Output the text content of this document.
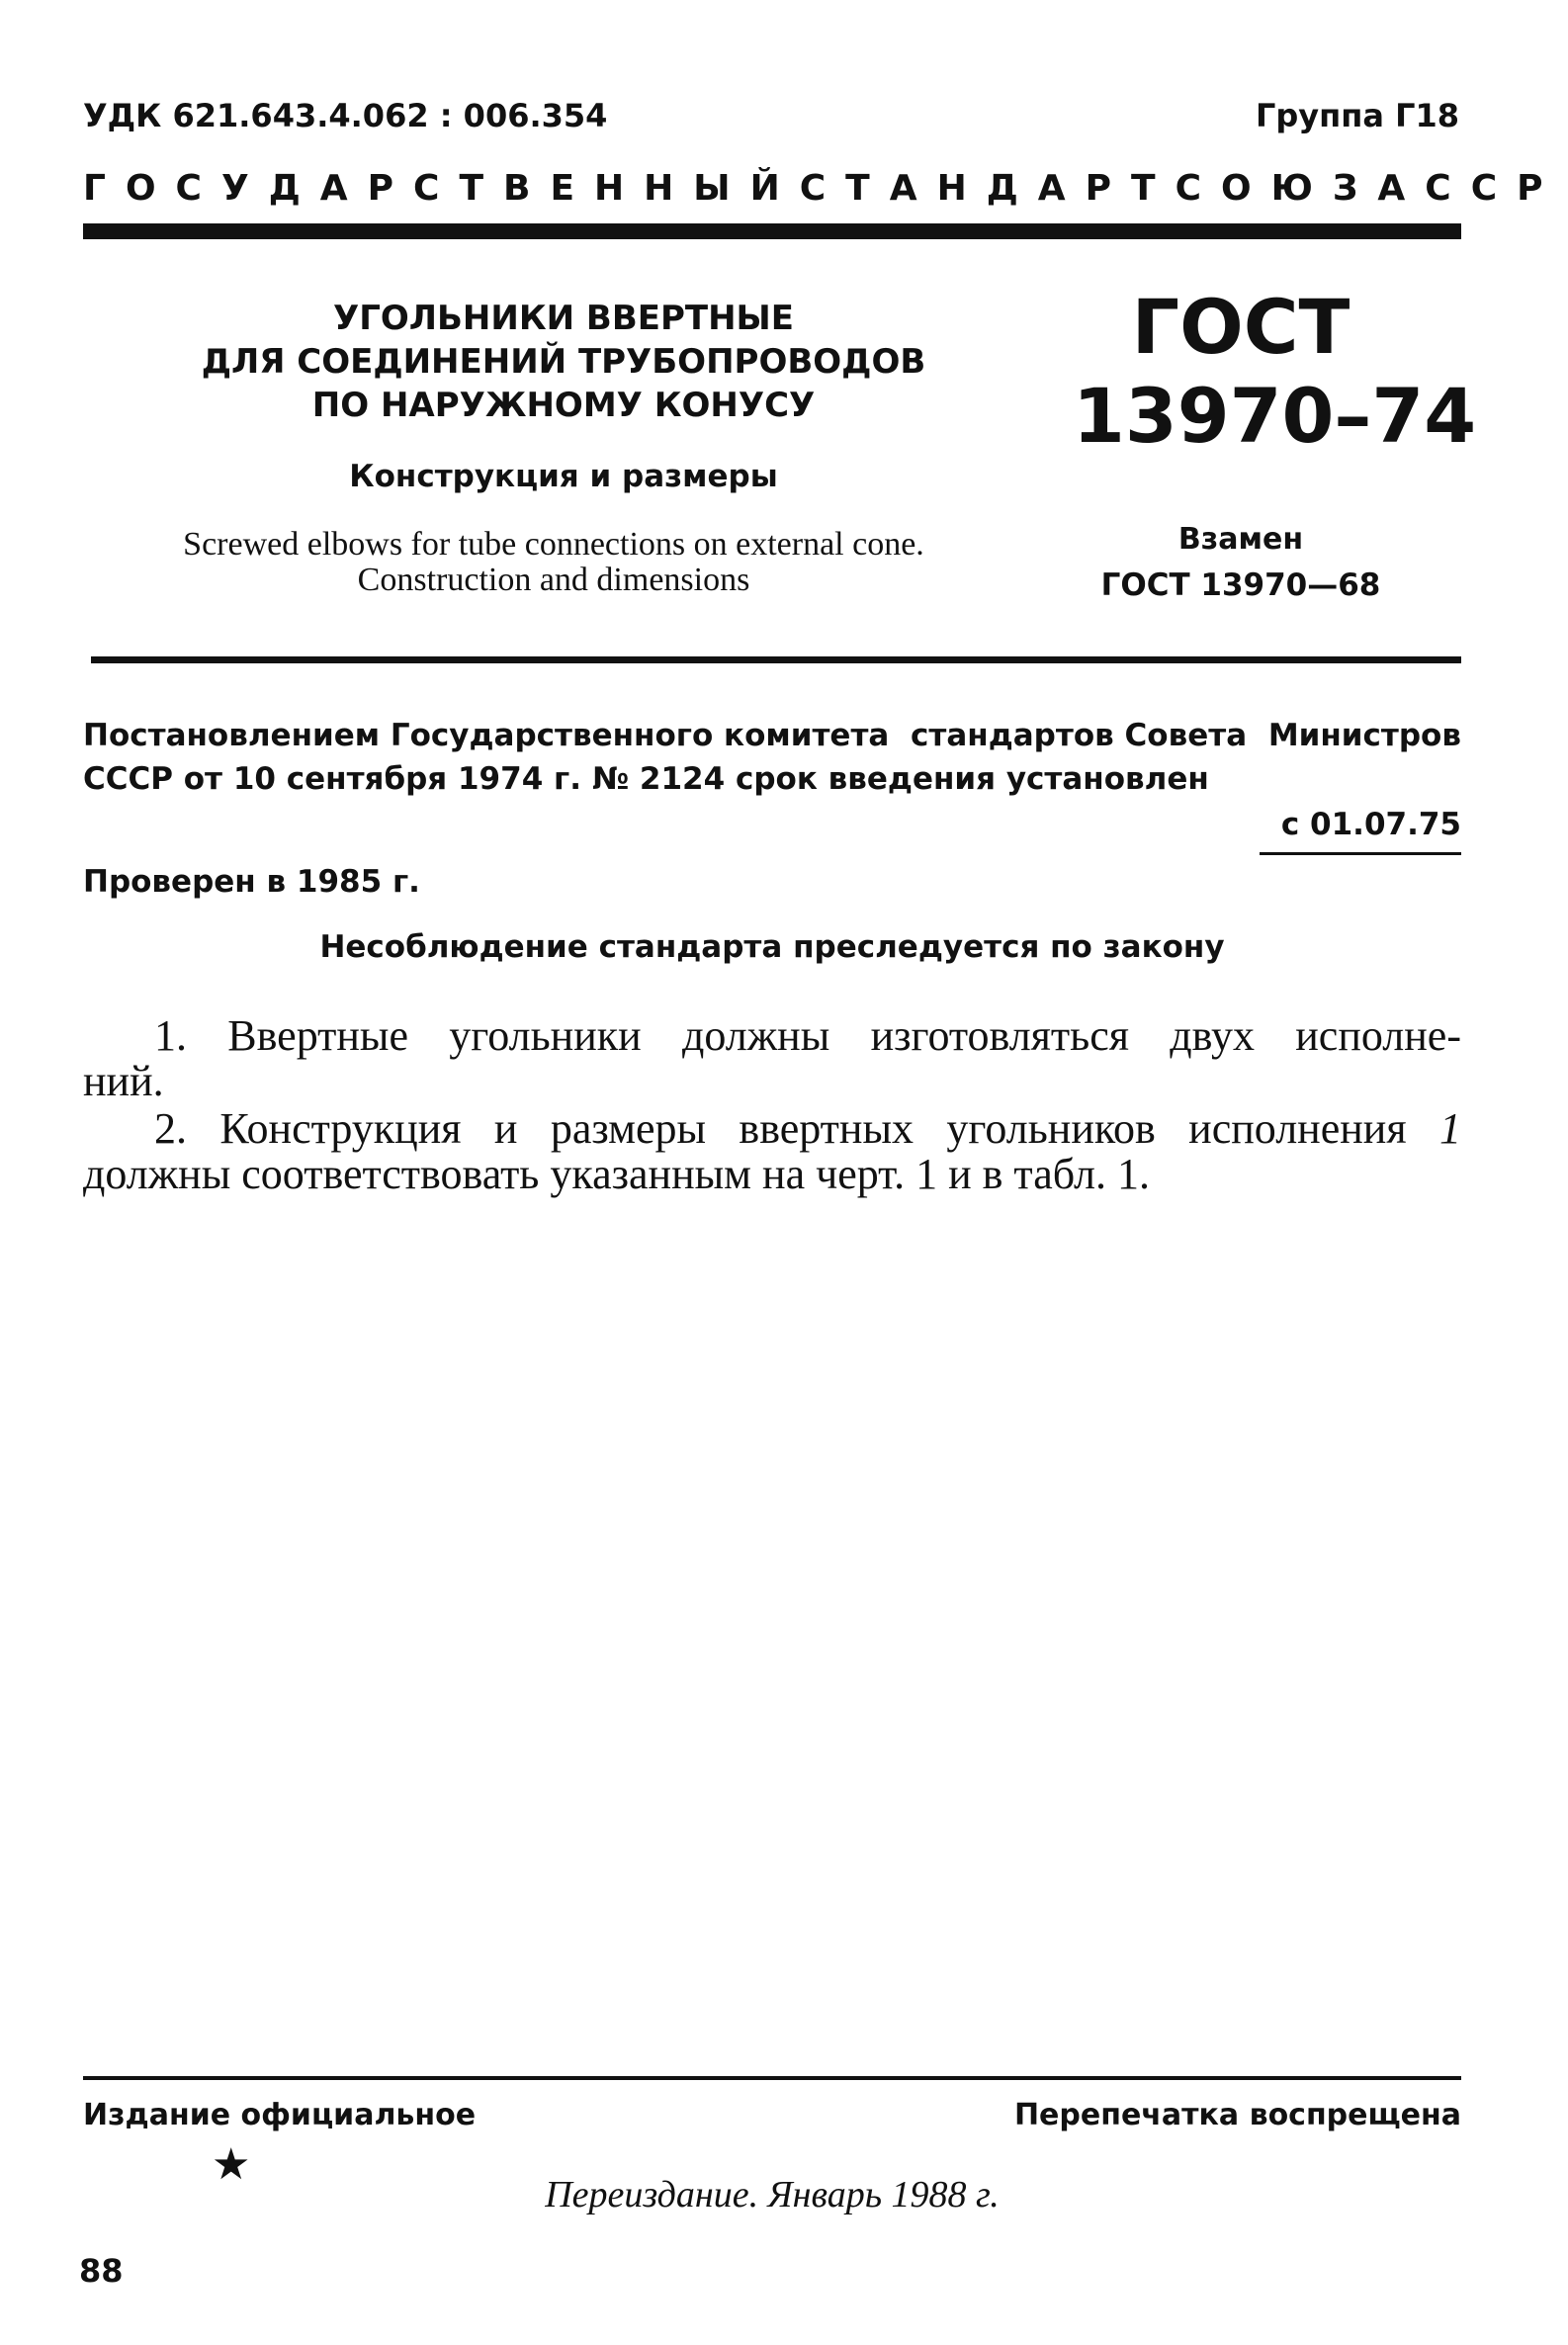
УДК 621.643.4.062 : 006.354	Группа Г18
ГОСУДАРСТВЕННЫЙ СТАНДАРТ СОЮЗА ССР
УГОЛЬНИКИ ВВЕРТНЫЕ
ДЛЯ СОЕДИНЕНИЙ ТРУБОПРОВОДОВ
ПО НАРУЖНОМУ КОНУСУ
Конструкция и размеры
Screwed elbows for tube connections on external cone.
Construction and dimensions
ГОСТ
13970–74
Взамен
ГОСТ 13970—68
Постановлением Государственного комитета стандартов Совета Министров
СССР от 10 сентября 1974 г. № 2124 срок введения установлен
с 01.07.75
Проверен в 1985 г.
Несоблюдение стандарта преследуется по закону
1. Ввертные угольники должны изготовляться двух исполне-
ний.
2. Конструкция и размеры ввертных угольников исполнения 1
должны соответствовать указанным на черт. 1 и в табл. 1.
Издание официальное	Перепечатка воспрещена
★
Переиздание. Январь 1988 г.
88
